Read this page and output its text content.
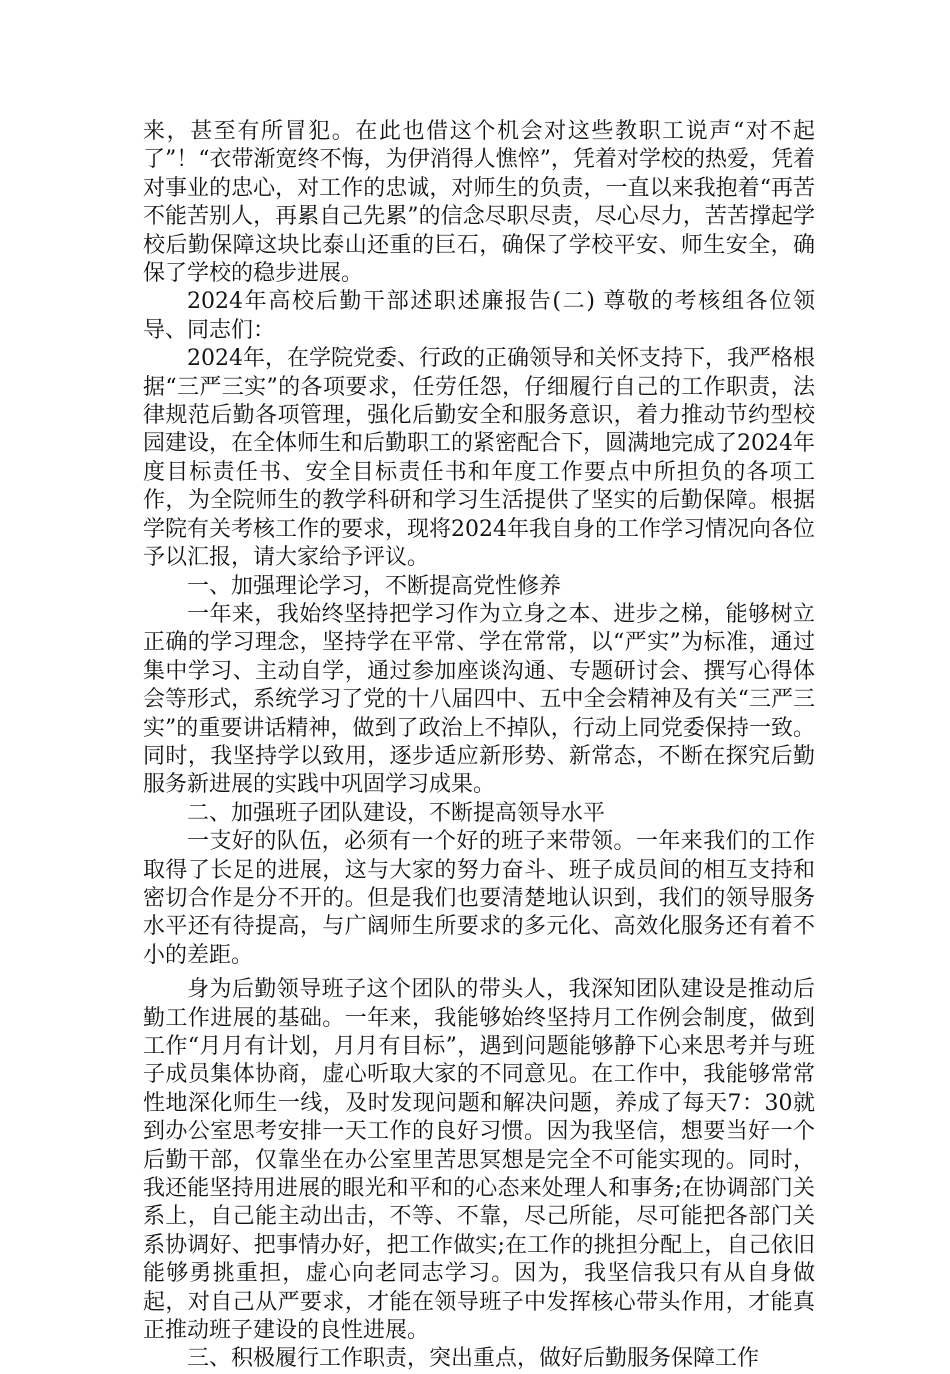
来，甚至有所冒犯。在此也借这个机会对这些教职工说声“对不起了”！“衣带渐宽终不悔，为伊消得人憔悴”，凭着对学校的热爱，凭着对事业的忠心，对工作的忠诚，对师生的负责，一直以来我抱着“再苦不能苦别人，再累自己先累”的信念尽职尽责，尽心尽力，苦苦撑起学校后勤保障这块比泰山还重的巨石，确保了学校平安、师生安全，确保了学校的稳步进展。

2024年高校后勤干部述职述廉报告(二) 尊敬的考核组各位领导、同志们：

2024年，在学院党委、行政的正确领导和关怀支持下，我严格根据“三严三实”的各项要求，任劳任怨，仔细履行自己的工作职责，法律规范后勤各项管理，强化后勤安全和服务意识，着力推动节约型校园建设，在全体师生和后勤职工的紧密配合下，圆满地完成了2024年度目标责任书、安全目标责任书和年度工作要点中所担负的各项工作，为全院师生的教学科研和学习生活提供了坚实的后勤保障。根据学院有关考核工作的要求，现将2024年我自身的工作学习情况向各位予以汇报，请大家给予评议。

一、加强理论学习，不断提高党性修养

一年来，我始终坚持把学习作为立身之本、进步之梯，能够树立正确的学习理念，坚持学在平常、学在常常，以“严实”为标准，通过集中学习、主动自学，通过参加座谈沟通、专题研讨会、撰写心得体会等形式，系统学习了党的十八届四中、五中全会精神及有关“三严三实”的重要讲话精神，做到了政治上不掉队，行动上同党委保持一致。同时，我坚持学以致用，逐步适应新形势、新常态，不断在探究后勤服务新进展的实践中巩固学习成果。

二、加强班子团队建设，不断提高领导水平

一支好的队伍，必须有一个好的班子来带领。一年来我们的工作取得了长足的进展，这与大家的努力奋斗、班子成员间的相互支持和密切合作是分不开的。但是我们也要清楚地认识到，我们的领导服务水平还有待提高，与广阔师生所要求的多元化、高效化服务还有着不小的差距。

身为后勤领导班子这个团队的带头人，我深知团队建设是推动后勤工作进展的基础。一年来，我能够始终坚持月工作例会制度，做到工作“月月有计划，月月有目标”，遇到问题能够静下心来思考并与班子成员集体协商，虚心听取大家的不同意见。在工作中，我能够常常性地深化师生一线，及时发现问题和解决问题，养成了每天7：30就到办公室思考安排一天工作的良好习惯。因为我坚信，想要当好一个后勤干部，仅靠坐在办公室里苦思冥想是完全不可能实现的。同时，我还能坚持用进展的眼光和平和的心态来处理人和事务;在协调部门关系上，自己能主动出击，不等、不靠，尽己所能，尽可能把各部门关系协调好、把事情办好，把工作做实;在工作的挑担分配上，自己依旧能够勇挑重担，虚心向老同志学习。因为，我坚信我只有从自身做起，对自己从严要求，才能在领导班子中发挥核心带头作用，才能真正推动班子建设的良性进展。

三、积极履行工作职责，突出重点，做好后勤服务保障工作
